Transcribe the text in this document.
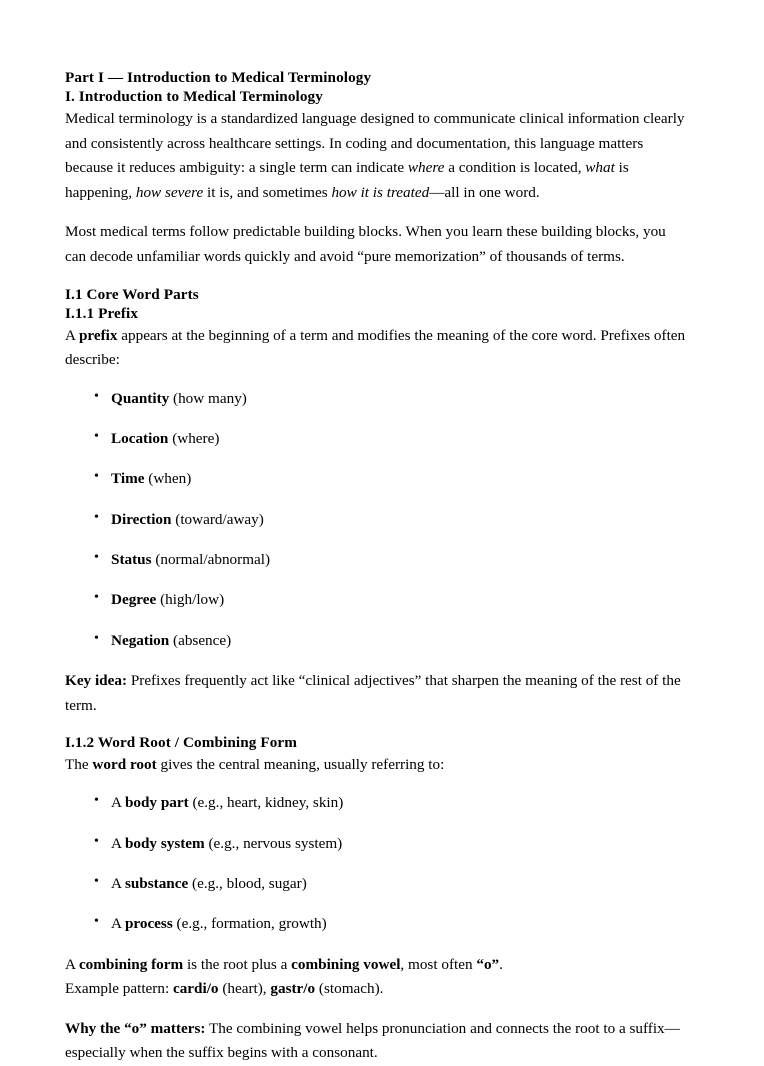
Part I — Introduction to Medical Terminology
I. Introduction to Medical Terminology

Medical terminology is a standardized language designed to communicate clinical information clearly and consistently across healthcare settings. In coding and documentation, this language matters because it reduces ambiguity: a single term can indicate where a condition is located, what is happening, how severe it is, and sometimes how it is treated—all in one word.

Most medical terms follow predictable building blocks. When you learn these building blocks, you can decode unfamiliar words quickly and avoid “pure memorization” of thousands of terms.

I.1 Core Word Parts
I.1.1 Prefix

A prefix appears at the beginning of a term and modifies the meaning of the core word. Prefixes often describe:

• Quantity (how many)
• Location (where)
• Time (when)
• Direction (toward/away)
• Status (normal/abnormal)
• Degree (high/low)
• Negation (absence)

Key idea: Prefixes frequently act like “clinical adjectives” that sharpen the meaning of the rest of the term.

I.1.2 Word Root / Combining Form

The word root gives the central meaning, usually referring to:

• A body part (e.g., heart, kidney, skin)
• A body system (e.g., nervous system)
• A substance (e.g., blood, sugar)
• A process (e.g., formation, growth)

A combining form is the root plus a combining vowel, most often “o”.
Example pattern: cardi/o (heart), gastr/o (stomach).

Why the “o” matters: The combining vowel helps pronunciation and connects the root to a suffix—especially when the suffix begins with a consonant.
